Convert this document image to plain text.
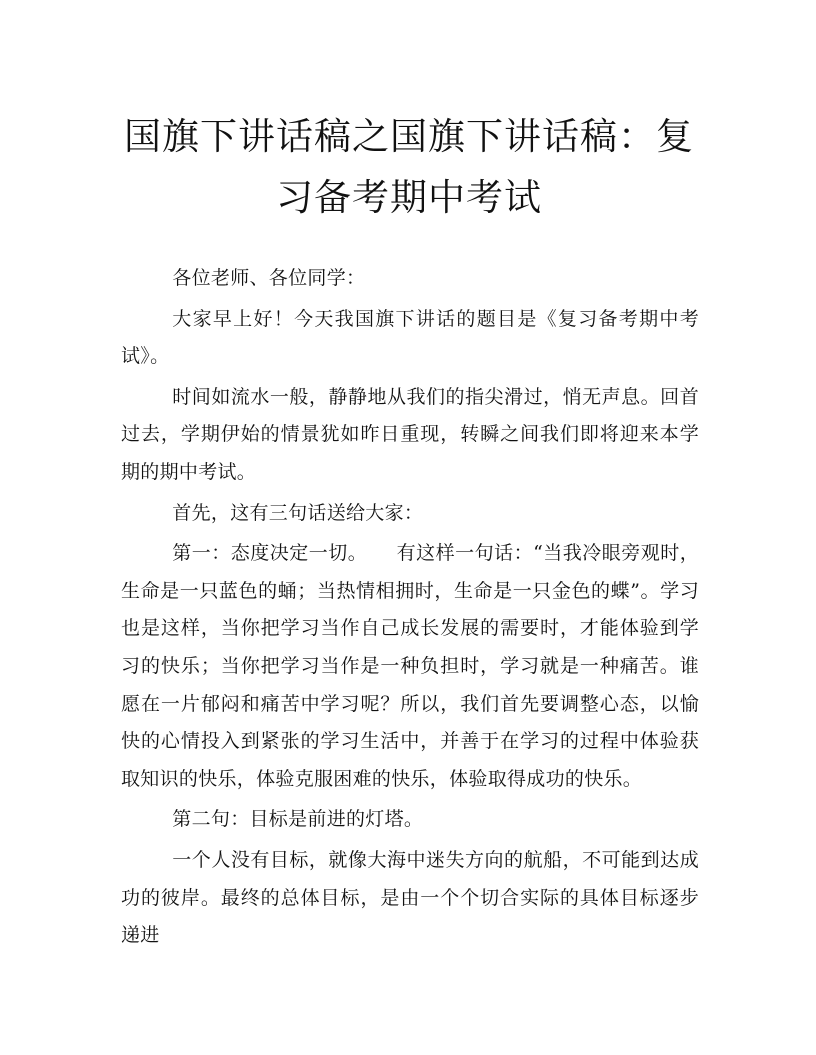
国旗下讲话稿之国旗下讲话稿：复习备考期中考试

各位老师、各位同学：

大家早上好！今天我国旗下讲话的题目是《复习备考期中考试》。

时间如流水一般，静静地从我们的指尖滑过，悄无声息。回首过去，学期伊始的情景犹如昨日重现，转瞬之间我们即将迎来本学期的期中考试。

首先，这有三句话送给大家：

第一：态度决定一切。　　有这样一句话：“当我冷眼旁观时，生命是一只蓝色的蛹；当热情相拥时，生命是一只金色的蝶”。学习也是这样，当你把学习当作自己成长发展的需要时，才能体验到学习的快乐；当你把学习当作是一种负担时，学习就是一种痛苦。谁愿在一片郁闷和痛苦中学习呢？所以，我们首先要调整心态，以愉快的心情投入到紧张的学习生活中，并善于在学习的过程中体验获取知识的快乐，体验克服困难的快乐，体验取得成功的快乐。

第二句：目标是前进的灯塔。

一个人没有目标，就像大海中迷失方向的航船，不可能到达成功的彼岸。最终的总体目标，是由一个个切合实际的具体目标逐步递进
